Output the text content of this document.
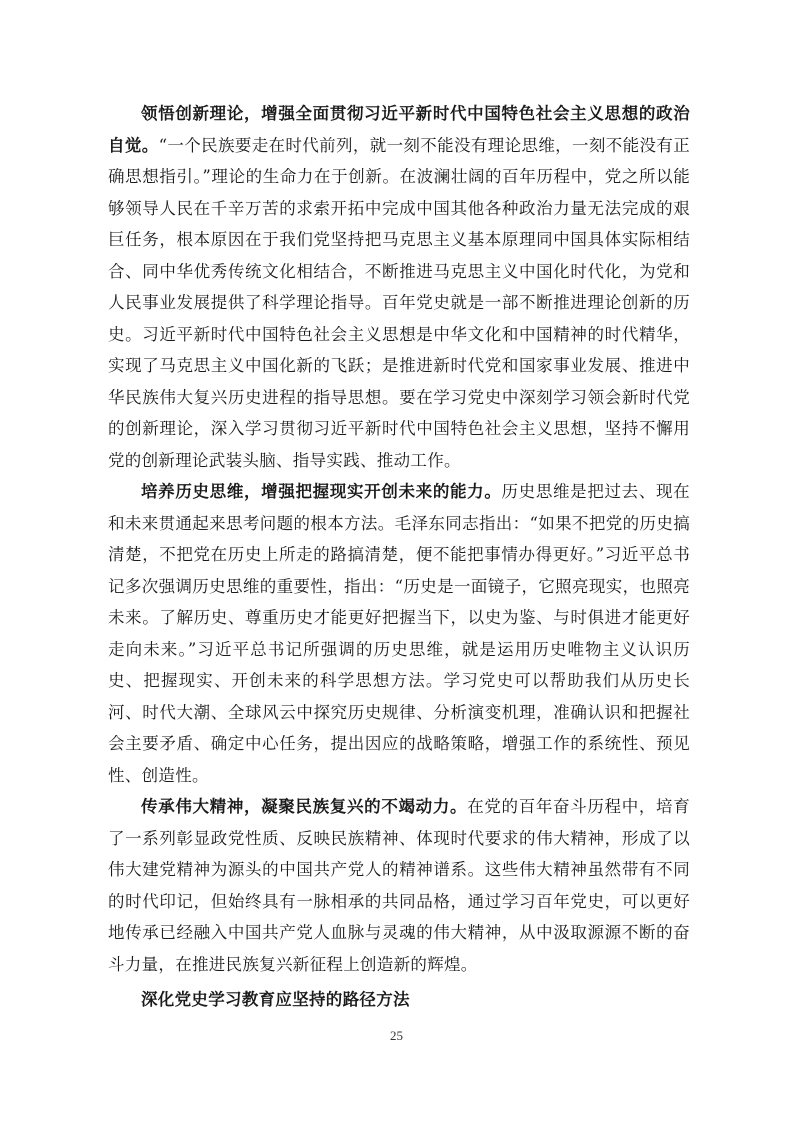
领悟创新理论，增强全面贯彻习近平新时代中国特色社会主义思想的政治自觉。“一个民族要走在时代前列，就一刻不能没有理论思维，一刻不能没有正确思想指引。”理论的生命力在于创新。在波澜壮阔的百年历程中，党之所以能够领导人民在千辛万苦的求索开拓中完成中国其他各种政治力量无法完成的艰巨任务，根本原因在于我们党坚持把马克思主义基本原理同中国具体实际相结合、同中华优秀传统文化相结合，不断推进马克思主义中国化时代化，为党和人民事业发展提供了科学理论指导。百年党史就是一部不断推进理论创新的历史。习近平新时代中国特色社会主义思想是中华文化和中国精神的时代精华，实现了马克思主义中国化新的飞跃；是推进新时代党和国家事业发展、推进中华民族伟大复兴历史进程的指导思想。要在学习党史中深刻学习领会新时代党的创新理论，深入学习贯彻习近平新时代中国特色社会主义思想，坚持不懈用党的创新理论武装头脑、指导实践、推动工作。

培养历史思维，增强把握现实开创未来的能力。历史思维是把过去、现在和未来贯通起来思考问题的根本方法。毛泽东同志指出：“如果不把党的历史搞清楚，不把党在历史上所走的路搞清楚，便不能把事情办得更好。”习近平总书记多次强调历史思维的重要性，指出：“历史是一面镜子，它照亮现实，也照亮未来。了解历史、尊重历史才能更好把握当下，以史为鉴、与时俱进才能更好走向未来。”习近平总书记所强调的历史思维，就是运用历史唯物主义认识历史、把握现实、开创未来的科学思想方法。学习党史可以帮助我们从历史长河、时代大潮、全球风云中探究历史规律、分析演变机理，准确认识和把握社会主要矛盾、确定中心任务，提出因应的战略策略，增强工作的系统性、预见性、创造性。

传承伟大精神，凝聚民族复兴的不竭动力。在党的百年奋斗历程中，培育了一系列彰显政党性质、反映民族精神、体现时代要求的伟大精神，形成了以伟大建党精神为源头的中国共产党人的精神谱系。这些伟大精神虽然带有不同的时代印记，但始终具有一脉相承的共同品格，通过学习百年党史，可以更好地传承已经融入中国共产党人血脉与灵魂的伟大精神，从中汲取源源不断的奋斗力量，在推进民族复兴新征程上创造新的辉煌。

深化党史学习教育应坚持的路径方法

25
